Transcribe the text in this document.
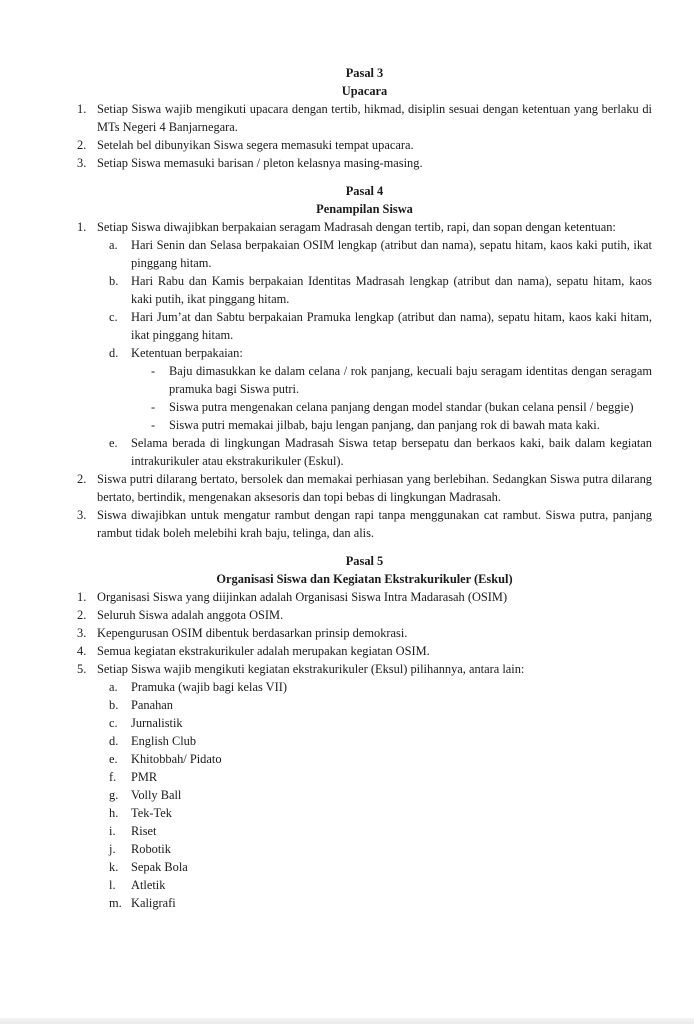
Pasal 3
Upacara
1. Setiap Siswa wajib mengikuti upacara dengan tertib, hikmad, disiplin sesuai dengan ketentuan yang berlaku di MTs Negeri 4 Banjarnegara.
2. Setelah bel dibunyikan Siswa segera memasuki tempat upacara.
3. Setiap Siswa memasuki barisan / pleton kelasnya masing-masing.
Pasal 4
Penampilan Siswa
1. Setiap Siswa diwajibkan berpakaian seragam Madrasah dengan tertib, rapi, dan sopan dengan ketentuan:
a. Hari Senin dan Selasa berpakaian OSIM lengkap (atribut dan nama), sepatu hitam, kaos kaki putih, ikat pinggang hitam.
b. Hari Rabu dan Kamis berpakaian Identitas Madrasah lengkap (atribut dan nama), sepatu hitam, kaos kaki putih, ikat pinggang hitam.
c. Hari Jum’at dan Sabtu berpakaian Pramuka lengkap (atribut dan nama), sepatu hitam, kaos kaki hitam, ikat pinggang hitam.
d. Ketentuan berpakaian:
- Baju dimasukkan ke dalam celana / rok panjang, kecuali baju seragam identitas dengan seragam pramuka bagi Siswa putri.
- Siswa putra mengenakan celana panjang dengan model standar (bukan celana pensil / beggie)
- Siswa putri memakai jilbab, baju lengan panjang, dan panjang rok di bawah mata kaki.
e. Selama berada di lingkungan Madrasah Siswa tetap bersepatu dan berkaos kaki, baik dalam kegiatan intrakurikuler atau ekstrakurikuler (Eskul).
2. Siswa putri dilarang bertato, bersolek dan memakai perhiasan yang berlebihan. Sedangkan Siswa putra dilarang bertato, bertindik, mengenakan aksesoris dan topi bebas di lingkungan Madrasah.
3. Siswa diwajibkan untuk mengatur rambut dengan rapi tanpa menggunakan cat rambut. Siswa putra, panjang rambut tidak boleh melebihi krah baju, telinga, dan alis.
Pasal 5
Organisasi Siswa dan Kegiatan Ekstrakurikuler (Eskul)
1. Organisasi Siswa yang diijinkan adalah Organisasi Siswa Intra Madarasah (OSIM)
2. Seluruh Siswa adalah anggota OSIM.
3. Kepengurusan OSIM dibentuk berdasarkan prinsip demokrasi.
4. Semua kegiatan ekstrakurikuler adalah merupakan kegiatan OSIM.
5. Setiap Siswa wajib mengikuti kegiatan ekstrakurikuler (Eksul) pilihannya, antara lain:
a. Pramuka (wajib bagi kelas VII)
b. Panahan
c. Jurnalistik
d. English Club
e. Khitobbah/ Pidato
f. PMR
g. Volly Ball
h. Tek-Tek
i. Riset
j. Robotik
k. Sepak Bola
l. Atletik
m. Kaligrafi
